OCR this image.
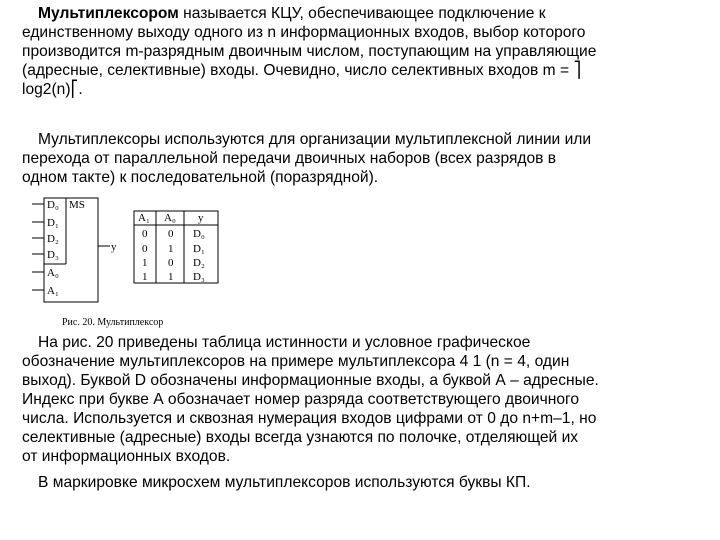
Мультиплексором называется КЦУ, обеспечивающее подключение к
единственному выходу одного из n информационных входов, выбор которого
производится m-разрядным двоичным числом, поступающим на управляющие
(адресные, селективные) входы. Очевидно, число селективных входов m = ⎤
log2(n)⎡.

Мультиплексоры используются для организации мультиплексной линии или
перехода от параллельной передачи двоичных наборов (всех разрядов в
одном такте) к последовательной (поразрядной).

MS
D₀
D₁
D₂
D₃
A₀
A₁
y
A₁ A₀ y
0 0 D₀
0 1 D₁
1 0 D₂
1 1 D₃
Рис. 20. Мультиплексор

На рис. 20 приведены таблица истинности и условное графическое
обозначение мультиплексоров на примере мультиплексора 4 1 (n = 4, один
выход). Буквой D обозначены информационные входы, а буквой А – адресные.
Индекс при букве А обозначает номер разряда соответствующего двоичного
числа. Используется и сквозная нумерация входов цифрами от 0 до n+m–1, но
селективные (адресные) входы всегда узнаются по полочке, отделяющей их
от информационных входов.

В маркировке микросхем мультиплексоров используются буквы КП.
